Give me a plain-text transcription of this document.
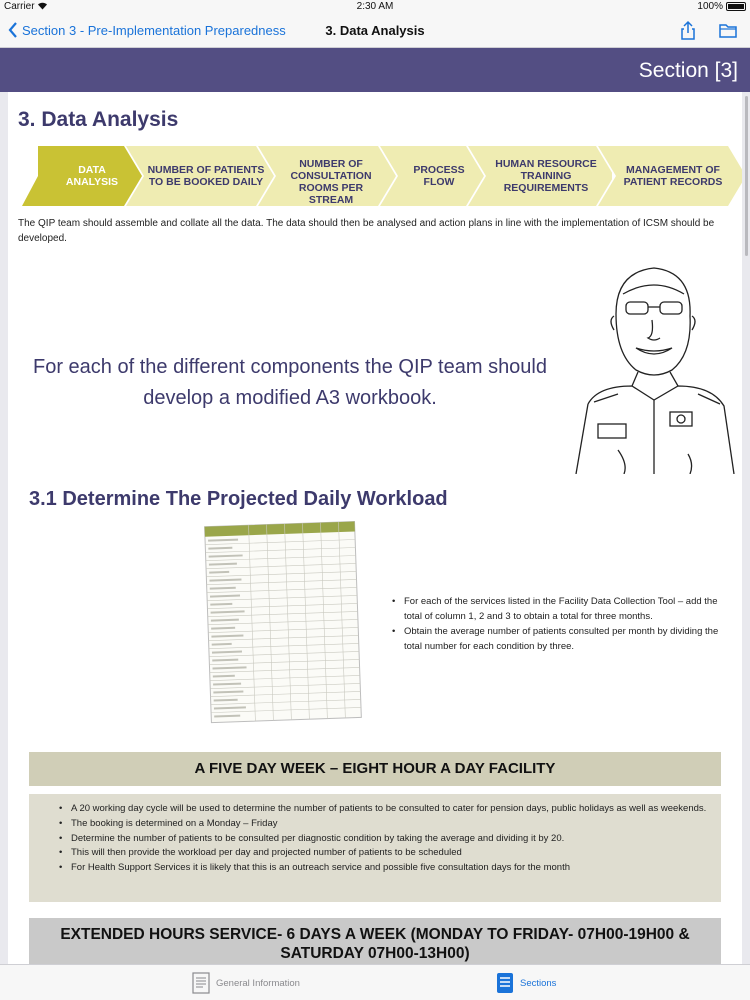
Carrier	2:30 AM	100%
Section 3 - Pre-Implementation Preparedness	3. Data Analysis
Section [3]
3. Data Analysis
DATA ANALYSIS
NUMBER OF PATIENTS TO BE BOOKED DAILY
NUMBER OF CONSULTATION ROOMS PER STREAM
PROCESS FLOW
HUMAN RESOURCE TRAINING REQUIREMENTS
MANAGEMENT OF PATIENT RECORDS
The QIP team should assemble and collate all the data. The data should then be analysed and action plans in line with the implementation of ICSM should be developed.
For each of the different components the QIP team should develop a modified A3 workbook.
3.1 Determine The Projected Daily Workload
• For each of the services listed in the Facility Data Collection Tool – add the total of column 1, 2 and 3 to obtain a total for three months.
• Obtain the average number of patients consulted per month by dividing the total number for each condition by three.
A FIVE DAY WEEK – EIGHT HOUR A DAY FACILITY
• A 20 working day cycle will be used to determine the number of patients to be consulted to cater for pension days, public holidays as well as weekends.
• The booking is determined on a Monday – Friday
• Determine the number of patients to be consulted per diagnostic condition by taking the average and dividing it by 20.
• This will then provide the workload per day and projected number of patients to be scheduled
• For Health Support Services it is likely that this is an outreach service and possible five consultation days for the month
EXTENDED HOURS SERVICE- 6 DAYS A WEEK (MONDAY TO FRIDAY- 07H00-19H00 & SATURDAY 07H00-13H00)
General Information	Sections
